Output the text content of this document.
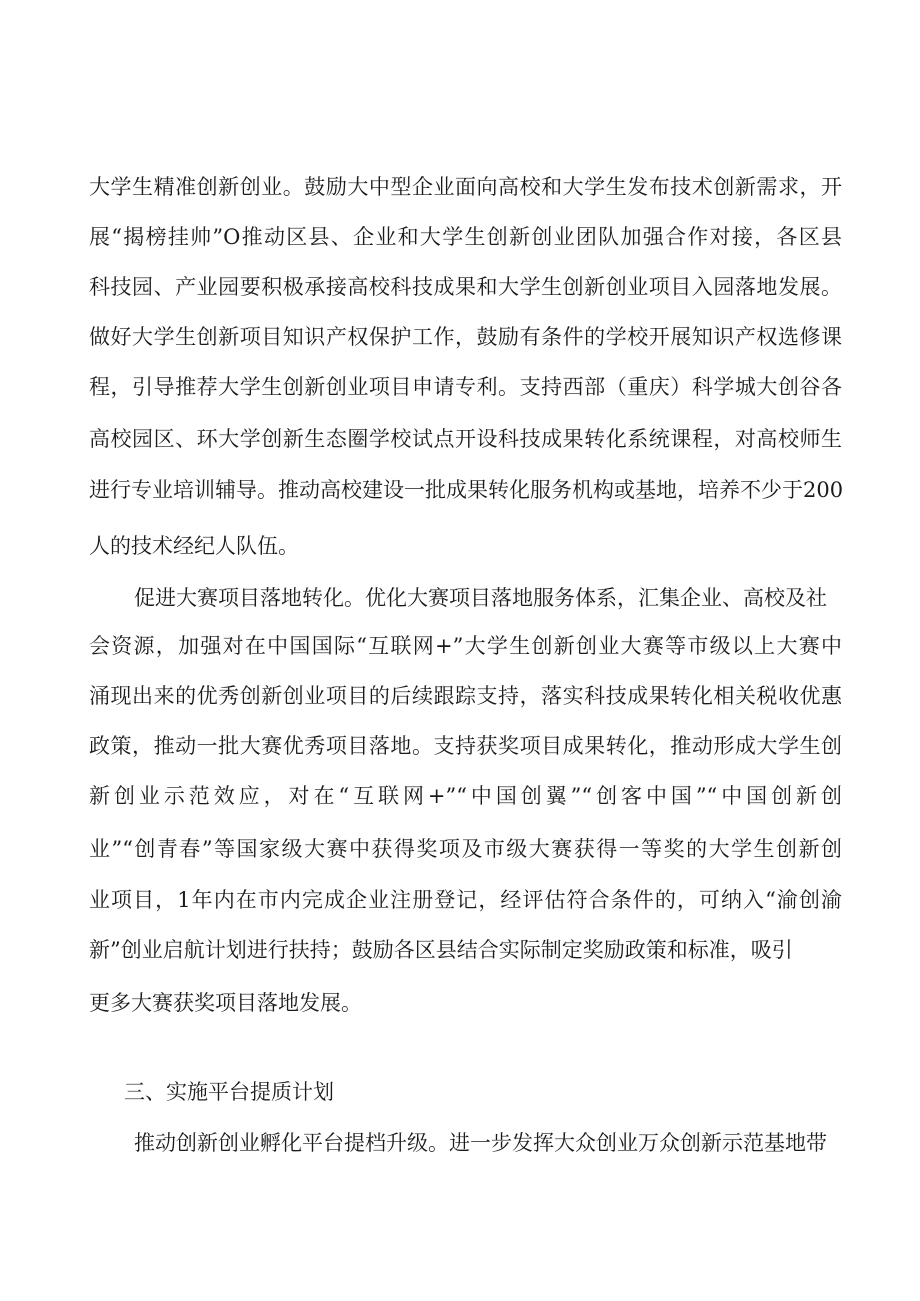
大学生精准创新创业。鼓励大中型企业面向高校和大学生发布技术创新需求，开

展“揭榜挂帅”O推动区县、企业和大学生创新创业团队加强合作对接，各区县

科技园、产业园要积极承接高校科技成果和大学生创新创业项目入园落地发展。

做好大学生创新项目知识产权保护工作，鼓励有条件的学校开展知识产权选修课

程，引导推荐大学生创新创业项目申请专利。支持西部（重庆）科学城大创谷各

高校园区、环大学创新生态圈学校试点开设科技成果转化系统课程，对高校师生

进行专业培训辅导。推动高校建设一批成果转化服务机构或基地，培养不少于200

人的技术经纪人队伍。

促进大赛项目落地转化。优化大赛项目落地服务体系，汇集企业、高校及社

会资源，加强对在中国国际“互联网+”大学生创新创业大赛等市级以上大赛中

涌现出来的优秀创新创业项目的后续跟踪支持，落实科技成果转化相关税收优惠

政策，推动一批大赛优秀项目落地。支持获奖项目成果转化，推动形成大学生创

新创业示范效应，对在“互联网+”“中国创翼”“创客中国”“中国创新创

业”“创青春”等国家级大赛中获得奖项及市级大赛获得一等奖的大学生创新创

业项目，1年内在市内完成企业注册登记，经评估符合条件的，可纳入“渝创渝

新”创业启航计划进行扶持；鼓励各区县结合实际制定奖励政策和标准，吸引

更多大赛获奖项目落地发展。

三、实施平台提质计划

推动创新创业孵化平台提档升级。进一步发挥大众创业万众创新示范基地带
